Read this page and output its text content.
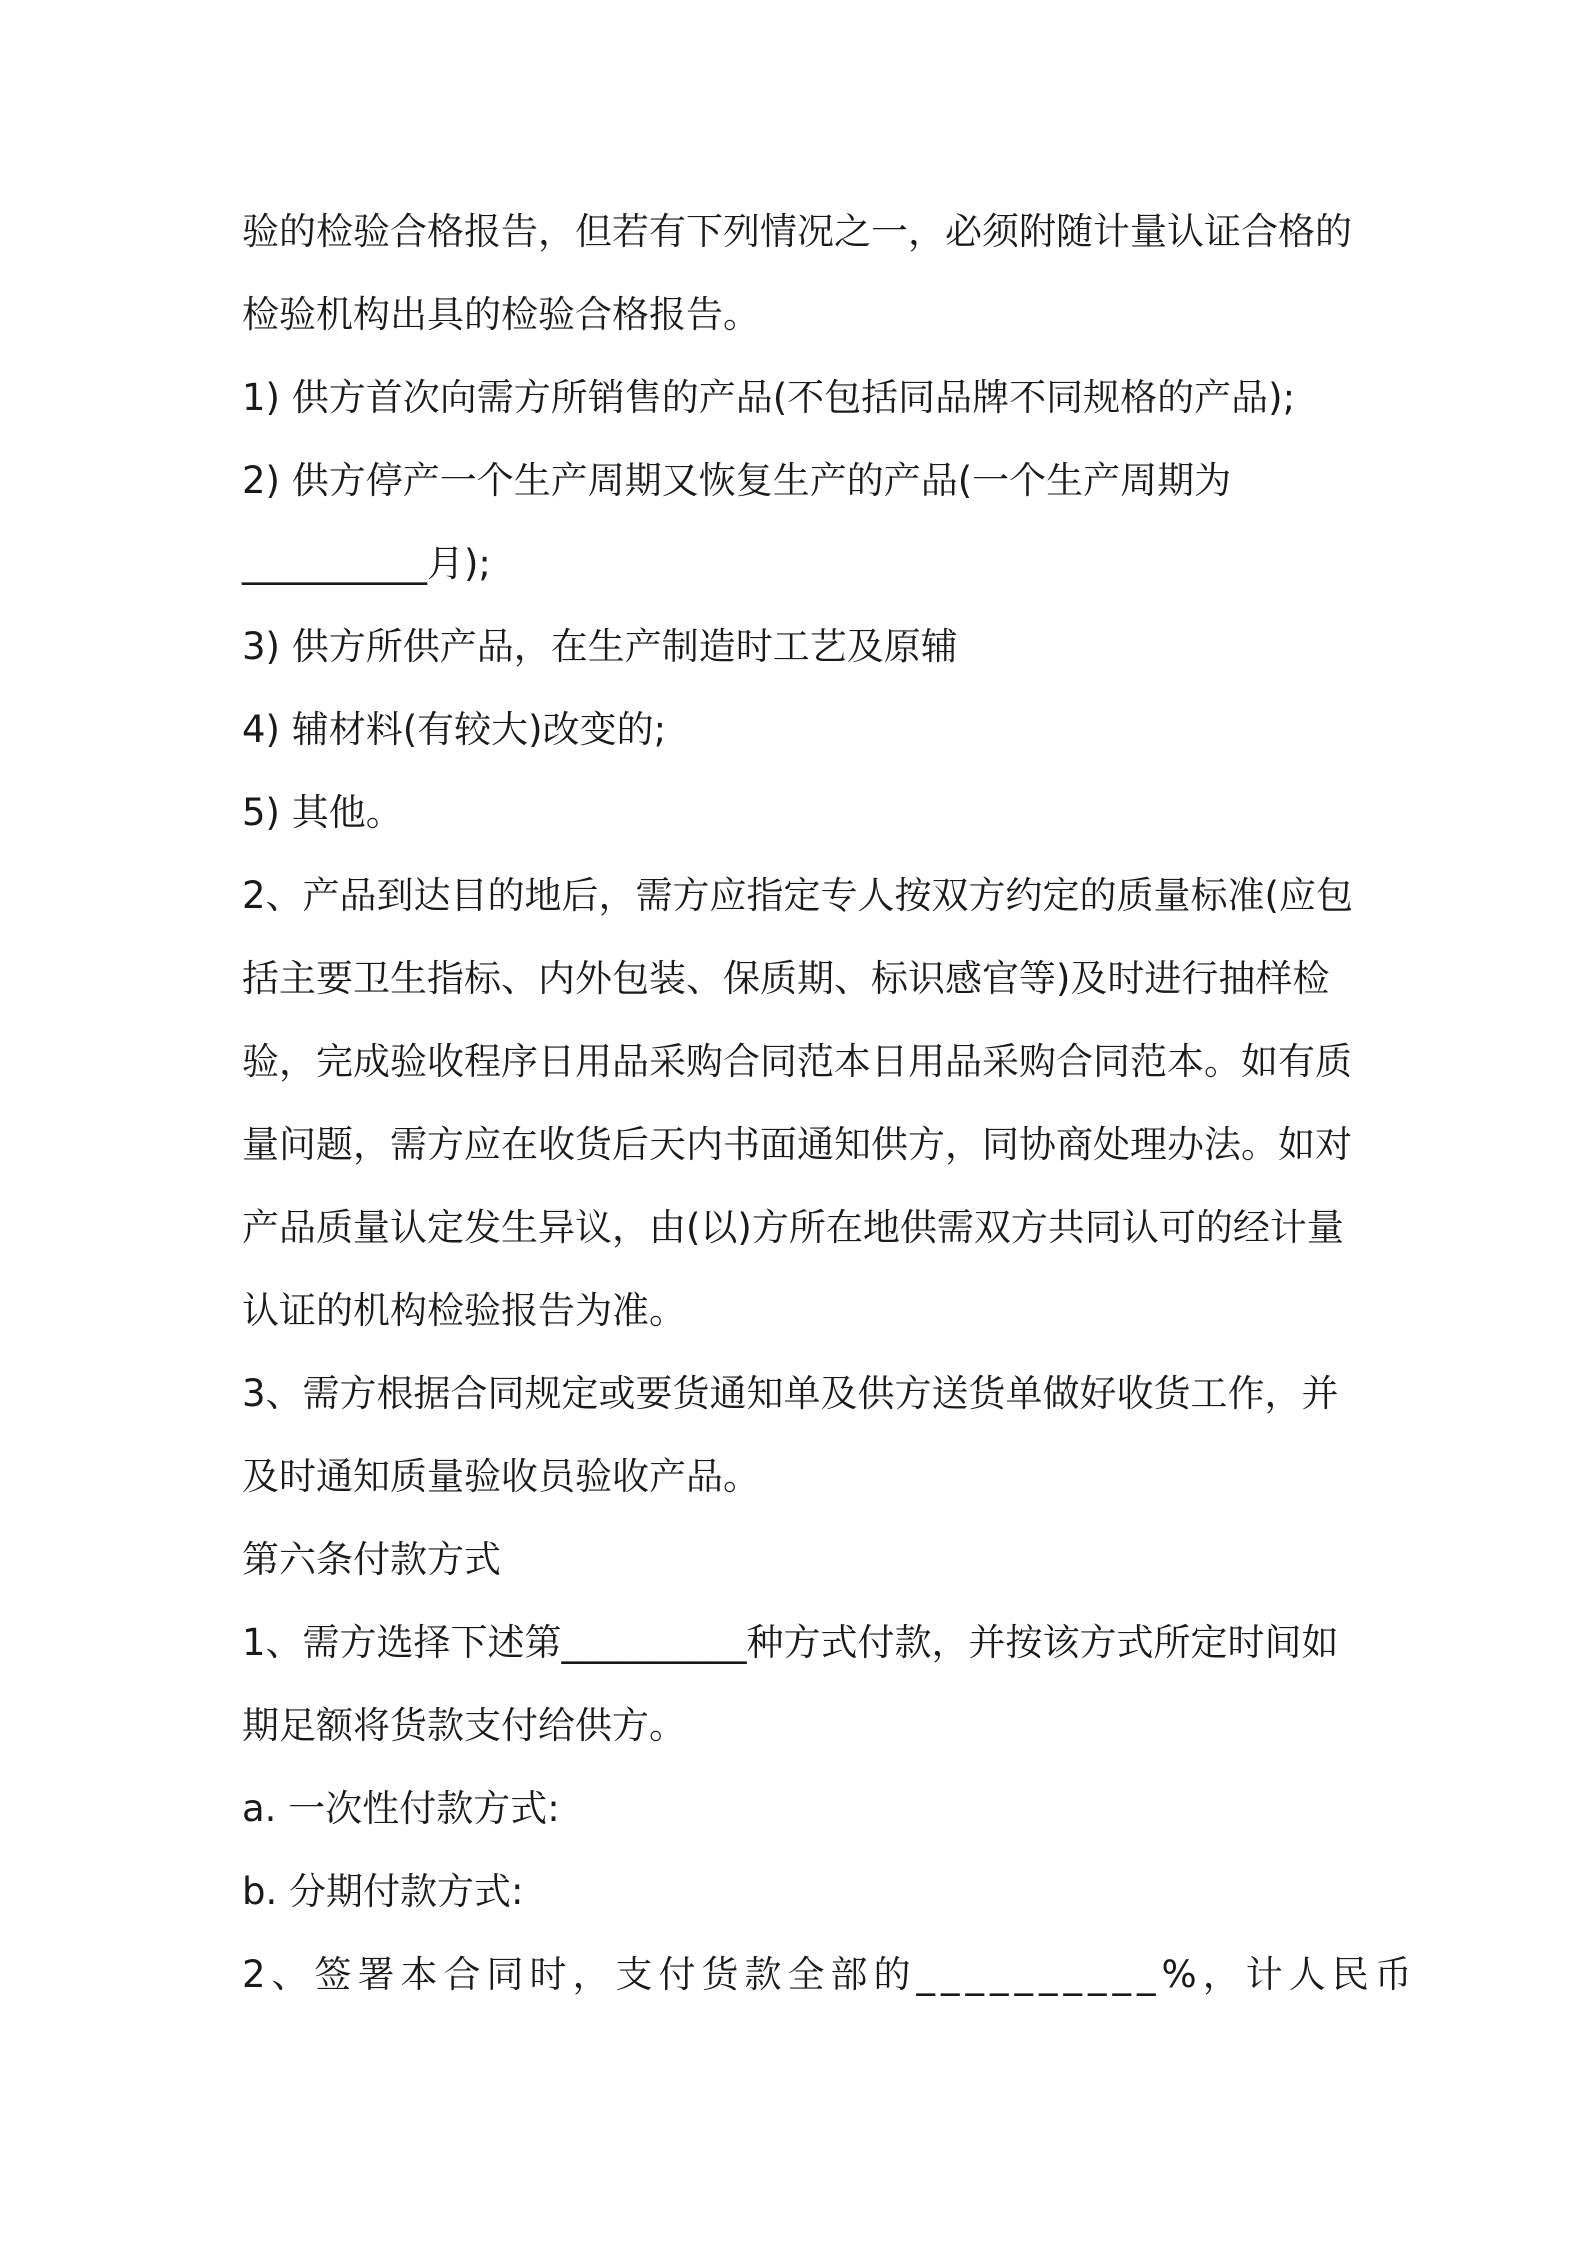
验的检验合格报告，但若有下列情况之一，必须附随计量认证合格的
检验机构出具的检验合格报告。
1) 供方首次向需方所销售的产品(不包括同品牌不同规格的产品);
2) 供方停产一个生产周期又恢复生产的产品(一个生产周期为
__________月);
3) 供方所供产品，在生产制造时工艺及原辅
4) 辅材料(有较大)改变的;
5) 其他。
2、产品到达目的地后，需方应指定专人按双方约定的质量标准(应包
括主要卫生指标、内外包装、保质期、标识感官等)及时进行抽样检
验，完成验收程序日用品采购合同范本日用品采购合同范本。如有质
量问题，需方应在收货后天内书面通知供方，同协商处理办法。如对
产品质量认定发生异议，由(以)方所在地供需双方共同认可的经计量
认证的机构检验报告为准。
3、需方根据合同规定或要货通知单及供方送货单做好收货工作，并
及时通知质量验收员验收产品。
第六条付款方式
1、需方选择下述第__________种方式付款，并按该方式所定时间如
期足额将货款支付给供方。
a. 一次性付款方式:
b. 分期付款方式:
2、签署本合同时，支付货款全部的__________%，计人民币
